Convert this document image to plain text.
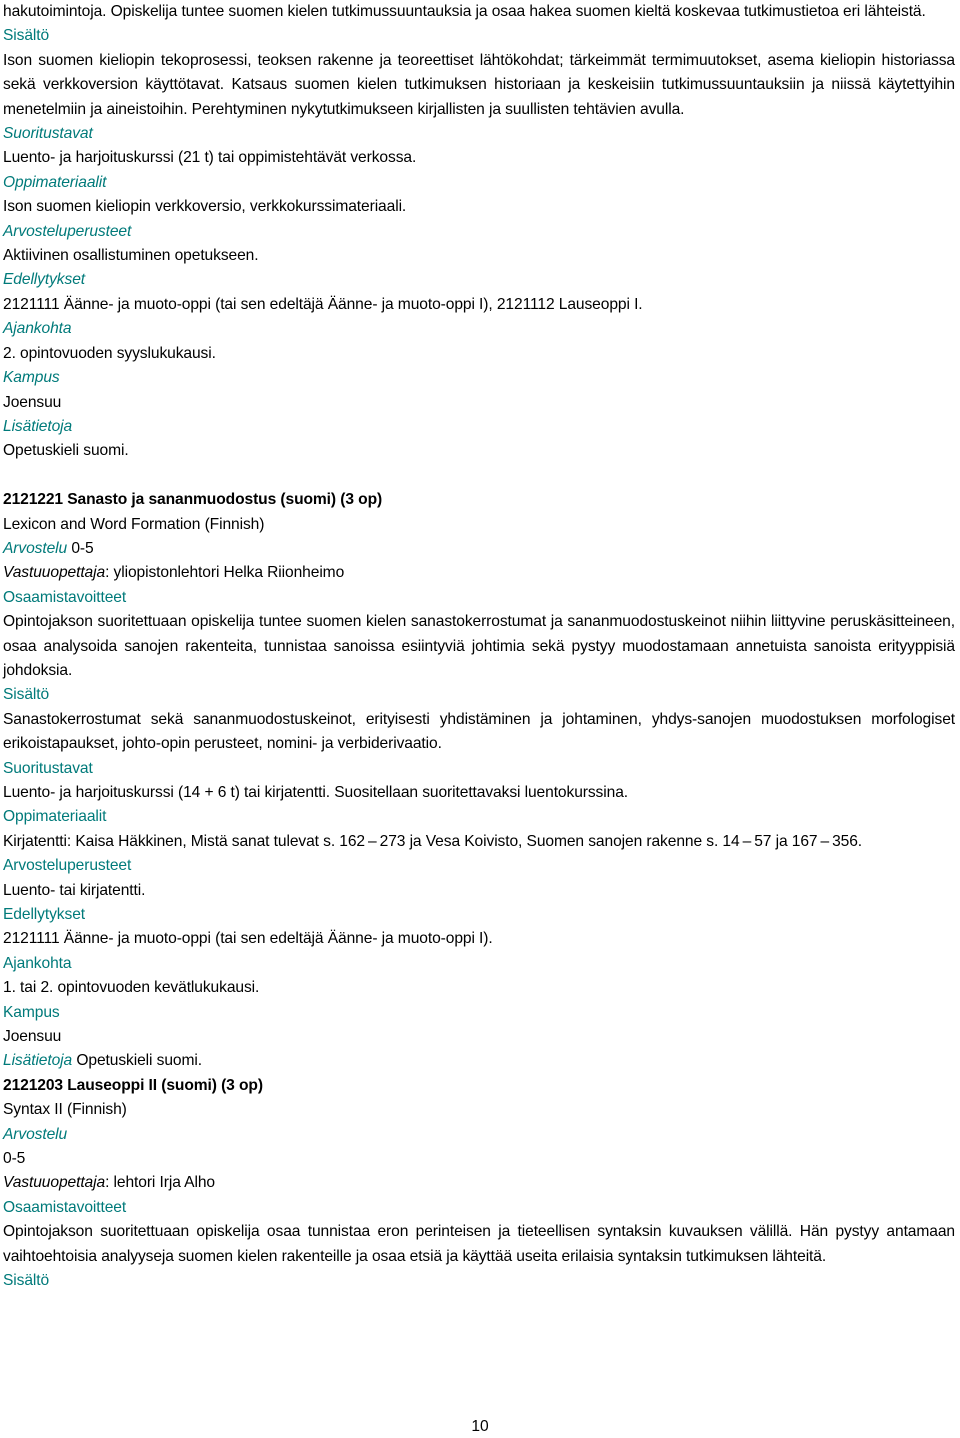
hakutoimintoja. Opiskelija tuntee suomen kielen tutkimussuuntauksia ja osaa hakea suomen kieltä koskevaa tutkimustietoa eri lähteistä.

Sisältö

Ison suomen kieliopin tekoprosessi, teoksen rakenne ja teoreettiset lähtökohdat; tärkeimmät termimuutokset, asema kieliopin historiassa sekä verkkoversion käyttötavat. Katsaus suomen kielen tutkimuksen historiaan ja keskeisiin tutkimussuuntauksiin ja niissä käytettyihin menetelmiin ja aineistoihin. Perehtyminen nykytutkimukseen kirjallisten ja suullisten tehtävien avulla.

Suoritustavat

Luento- ja harjoituskurssi (21 t) tai oppimistehtävät verkossa.

Oppimateriaalit

Ison suomen kieliopin verkkoversio, verkkokurssimateriaali.

Arvosteluperusteet

Aktiivinen osallistuminen opetukseen.

Edellytykset

2121111 Äänne- ja muoto-oppi (tai sen edeltäjä Äänne- ja muoto-oppi I), 2121112 Lauseoppi I.

Ajankohta

2. opintovuoden syyslukukausi.

Kampus

Joensuu

Lisätietoja

Opetuskieli suomi.

2121221 Sanasto ja sananmuodostus (suomi) (3 op)

Lexicon and Word Formation (Finnish)

Arvostelu 0-5

Vastuuopettaja: yliopistonlehtori Helka Riionheimo

Osaamistavoitteet

Opintojakson suoritettuaan opiskelija tuntee suomen kielen sanastokerrostumat ja sananmuodostuskeinot niihin liittyvine peruskäsitteineen, osaa analysoida sanojen rakenteita, tunnistaa sanoissa esiintyviä johtimia sekä pystyy muodostamaan annetuista sanoista erityyppisiä johdoksia.

Sisältö

Sanastokerrostumat sekä sananmuodostuskeinot, erityisesti yhdistäminen ja johtaminen, yhdys-sanojen muodostuksen morfologiset erikoistapaukset, johto-opin perusteet, nomini- ja verbiderivaatio.

Suoritustavat

Luento- ja harjoituskurssi (14 + 6 t) tai kirjatentti. Suositellaan suoritettavaksi luentokurssina.

Oppimateriaalit

Kirjatentti: Kaisa Häkkinen, Mistä sanat tulevat s. 162 – 273 ja Vesa Koivisto, Suomen sanojen rakenne s. 14 – 57 ja 167 – 356.

Arvosteluperusteet

Luento- tai kirjatentti.

Edellytykset

2121111 Äänne- ja muoto-oppi (tai sen edeltäjä Äänne- ja muoto-oppi I).

Ajankohta

1. tai 2. opintovuoden kevätlukukausi.

Kampus

Joensuu

Lisätietoja Opetuskieli suomi.

2121203 Lauseoppi II (suomi) (3 op)

Syntax II (Finnish)

Arvostelu

0-5

Vastuuopettaja: lehtori Irja Alho

Osaamistavoitteet

Opintojakson suoritettuaan opiskelija osaa tunnistaa eron perinteisen ja tieteellisen syntaksin kuvauksen välillä. Hän pystyy antamaan vaihtoehtoisia analyyseja suomen kielen rakenteille ja osaa etsiä ja käyttää useita erilaisia syntaksin tutkimuksen lähteitä.

Sisältö

10
